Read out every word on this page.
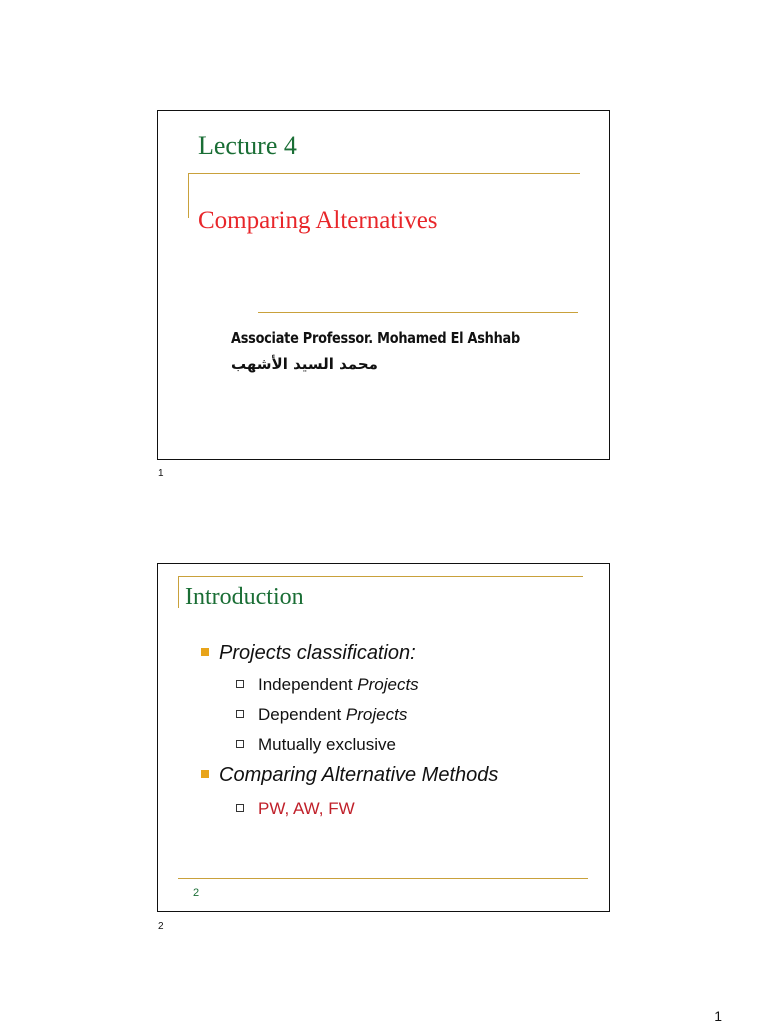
Lecture 4
Comparing Alternatives
Associate Professor. Mohamed El Ashhab
محمد السيد الأشهب
1
Introduction
Projects classification:
Independent Projects
Dependent Projects
Mutually exclusive
Comparing Alternative Methods
PW, AW, FW
2
2
1
